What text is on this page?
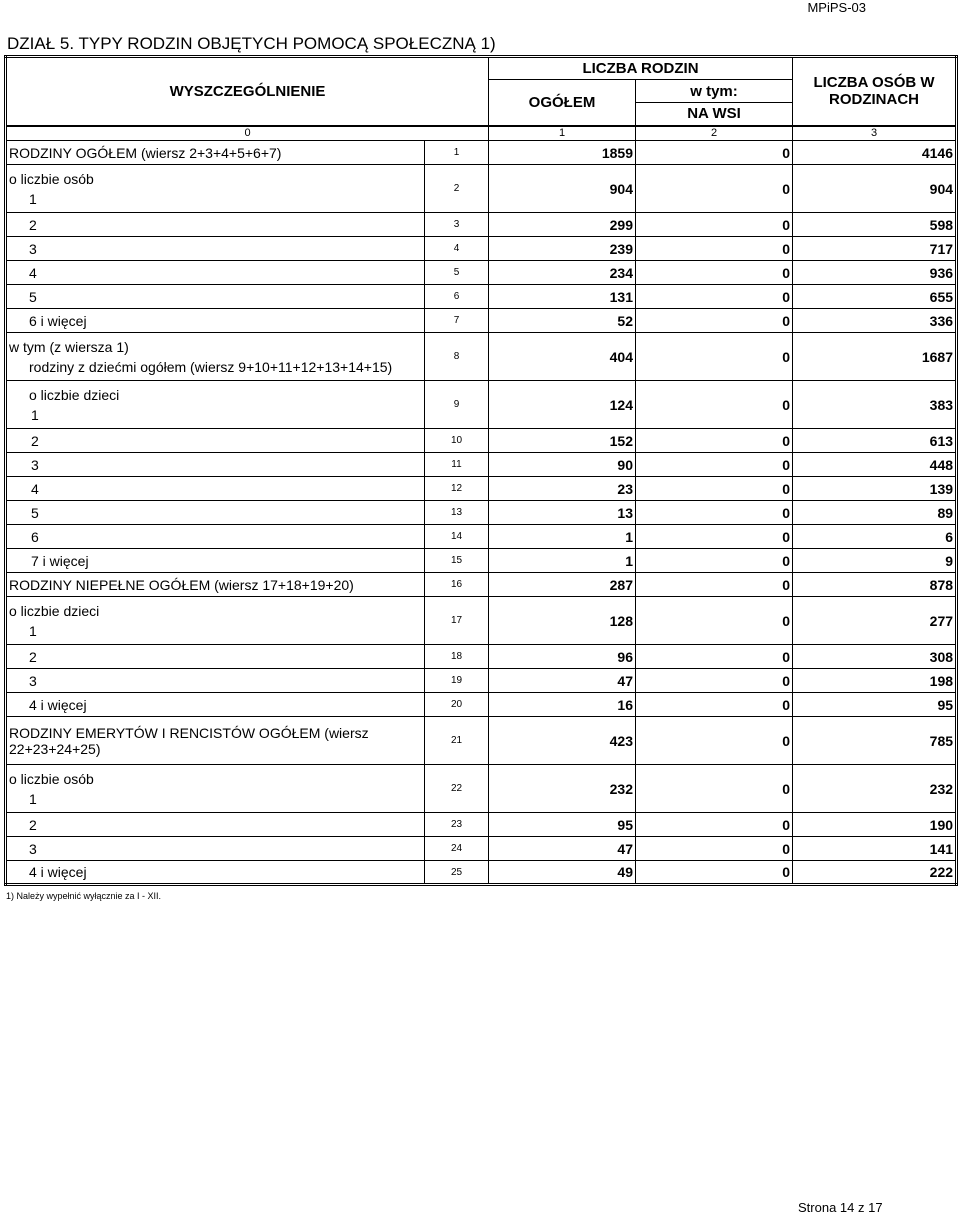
MPiPS-03
DZIAŁ 5. TYPY RODZIN OBJĘTYCH POMOCĄ SPOŁECZNĄ 1)
WYSZCZEGÓLNIENIE		LICZBA RODZIN		LICZBA OSÓB W RODZINACH
		OGÓŁEM	w tym:	
			NA WSI	
0		1	2	3

RODZINY OGÓŁEM (wiersz 2+3+4+5+6+7)	1	1859	0	4146

o liczbie osób
1	2	904	0	904

2	3	299	0	598

3	4	239	0	717

4	5	234	0	936

5	6	131	0	655

6 i więcej	7	52	0	336

w tym (z wiersza 1)
rodziny z dziećmi ogółem (wiersz 9+10+11+12+13+14+15)	8	404	0	1687

o liczbie dzieci
1	9	124	0	383

2	10	152	0	613

3	11	90	0	448

4	12	23	0	139

5	13	13	0	89

6	14	1	0	6

7 i więcej	15	1	0	9

RODZINY NIEPEŁNE OGÓŁEM (wiersz 17+18+19+20)	16	287	0	878

o liczbie dzieci
1	17	128	0	277

2	18	96	0	308

3	19	47	0	198

4 i więcej	20	16	0	95

RODZINY EMERYTÓW I RENCISTÓW OGÓŁEM (wiersz 22+23+24+25)	21	423	0	785

o liczbie osób
1	22	232	0	232

2	23	95	0	190

3	24	47	0	141

4 i więcej	25	49	0	222
1) Należy wypełnić wyłącznie za I - XII.
Strona 14 z 17
